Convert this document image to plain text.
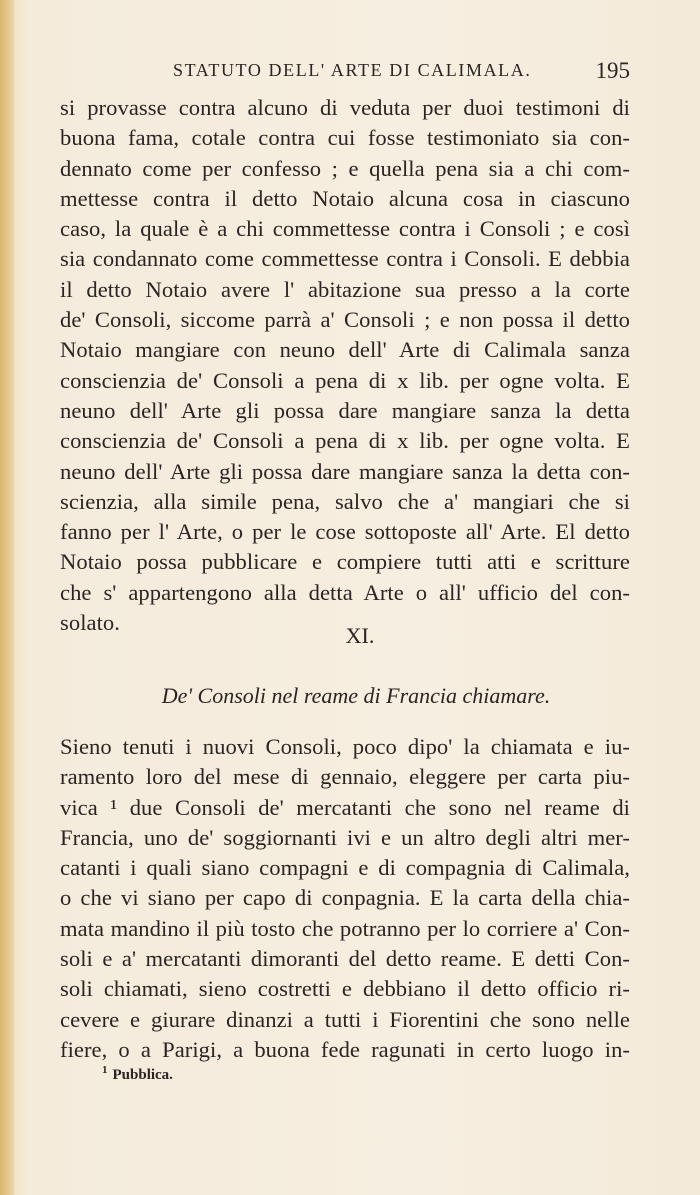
STATUTO DELL' ARTE DI CALIMALA.	195
si provasse contra alcuno di veduta per duoi testimoni di
buona fama, cotale contra cui fosse testimoniato sia con-
dennato come per confesso ; e quella pena sia a chi com-
mettesse contra il detto Notaio alcuna cosa in ciascuno
caso, la quale è a chi commettesse contra i Consoli ; e così
sia condannato come commettesse contra i Consoli. E debbia
il detto Notaio avere l' abitazione sua presso a la corte
de' Consoli, siccome parrà a' Consoli ; e non possa il detto
Notaio mangiare con neuno dell' Arte di Calimala sanza
conscienzia de' Consoli a pena di x lib. per ogne volta. E
neuno dell' Arte gli possa dare mangiare sanza la detta
conscienzia de' Consoli a pena di x lib. per ogne volta. E
neuno dell' Arte gli possa dare mangiare sanza la detta con-
scienzia, alla simile pena, salvo che a' mangiari che si
fanno per l' Arte, o per le cose sottoposte all' Arte. El detto
Notaio possa pubblicare e compiere tutti atti e scritture
che s' appartengono alla detta Arte o all' ufficio del con-
solato.
XI.
De' Consoli nel reame di Francia chiamare.
Sieno tenuti i nuovi Consoli, poco dipo' la chiamata e iu-
ramento loro del mese di gennaio, eleggere per carta piu-
vica ¹ due Consoli de' mercatanti che sono nel reame di
Francia, uno de' soggiornanti ivi e un altro degli altri mer-
catanti i quali siano compagni e di compagnia di Calimala,
o che vi siano per capo di conpagnia. E la carta della chia-
mata mandino il più tosto che potranno per lo corriere a' Con-
soli e a' mercatanti dimoranti del detto reame. E detti Con-
soli chiamati, sieno costretti e debbiano il detto officio ri-
cevere e giurare dinanzi a tutti i Fiorentini che sono nelle
fiere, o a Parigi, a buona fede ragunati in certo luogo in-
$^1$ Pubblica.
